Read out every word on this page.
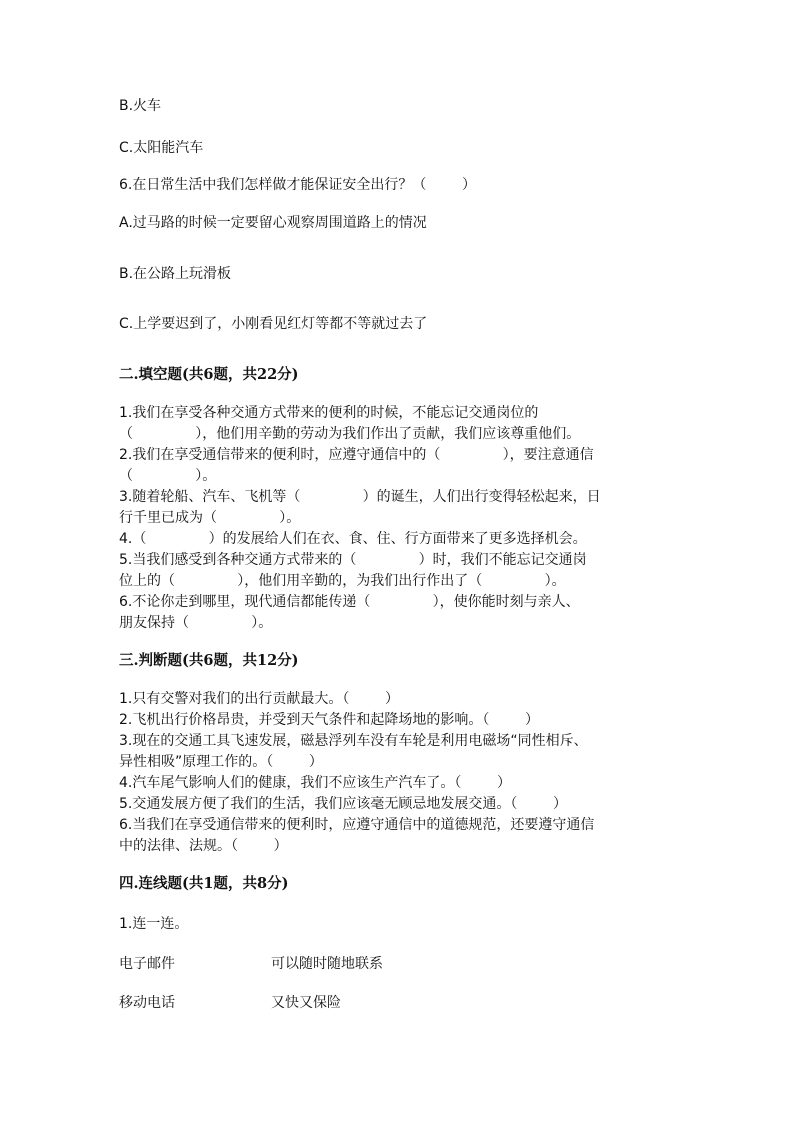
B.火车
C.太阳能汽车
6.在日常生活中我们怎样做才能保证安全出行？（        ）
A.过马路的时候一定要留心观察周围道路上的情况
B.在公路上玩滑板
C.上学要迟到了，小刚看见红灯等都不等就过去了
二.填空题(共6题，共22分)
1.我们在享受各种交通方式带来的便利的时候，不能忘记交通岗位的
（              ），他们用辛勤的劳动为我们作出了贡献，我们应该尊重他们。
2.我们在享受通信带来的便利时，应遵守通信中的（              ），要注意通信
（              ）。
3.随着轮船、汽车、飞机等（              ）的诞生，人们出行变得轻松起来，日
行千里已成为（              ）。
4.（              ）的发展给人们在衣、食、住、行方面带来了更多选择机会。
5.当我们感受到各种交通方式带来的（              ）时，我们不能忘记交通岗
位上的（              ），他们用辛勤的，为我们出行作出了（              ）。
6.不论你走到哪里，现代通信都能传递（              ），使你能时刻与亲人、
朋友保持（              ）。
三.判断题(共6题，共12分)
1.只有交警对我们的出行贡献最大。（        ）
2.飞机出行价格昂贵，并受到天气条件和起降场地的影响。（        ）
3.现在的交通工具飞速发展，磁悬浮列车没有车轮是利用电磁场“同性相斥、
异性相吸”原理工作的。（        ）
4.汽车尾气影响人们的健康，我们不应该生产汽车了。（        ）
5.交通发展方便了我们的生活，我们应该毫无顾忌地发展交通。（        ）
6.当我们在享受通信带来的便利时，应遵守通信中的道德规范，还要遵守通信
中的法律、法规。（        ）
四.连线题(共1题，共8分)
1.连一连。
电子邮件	可以随时随地联系
移动电话	又快又保险
